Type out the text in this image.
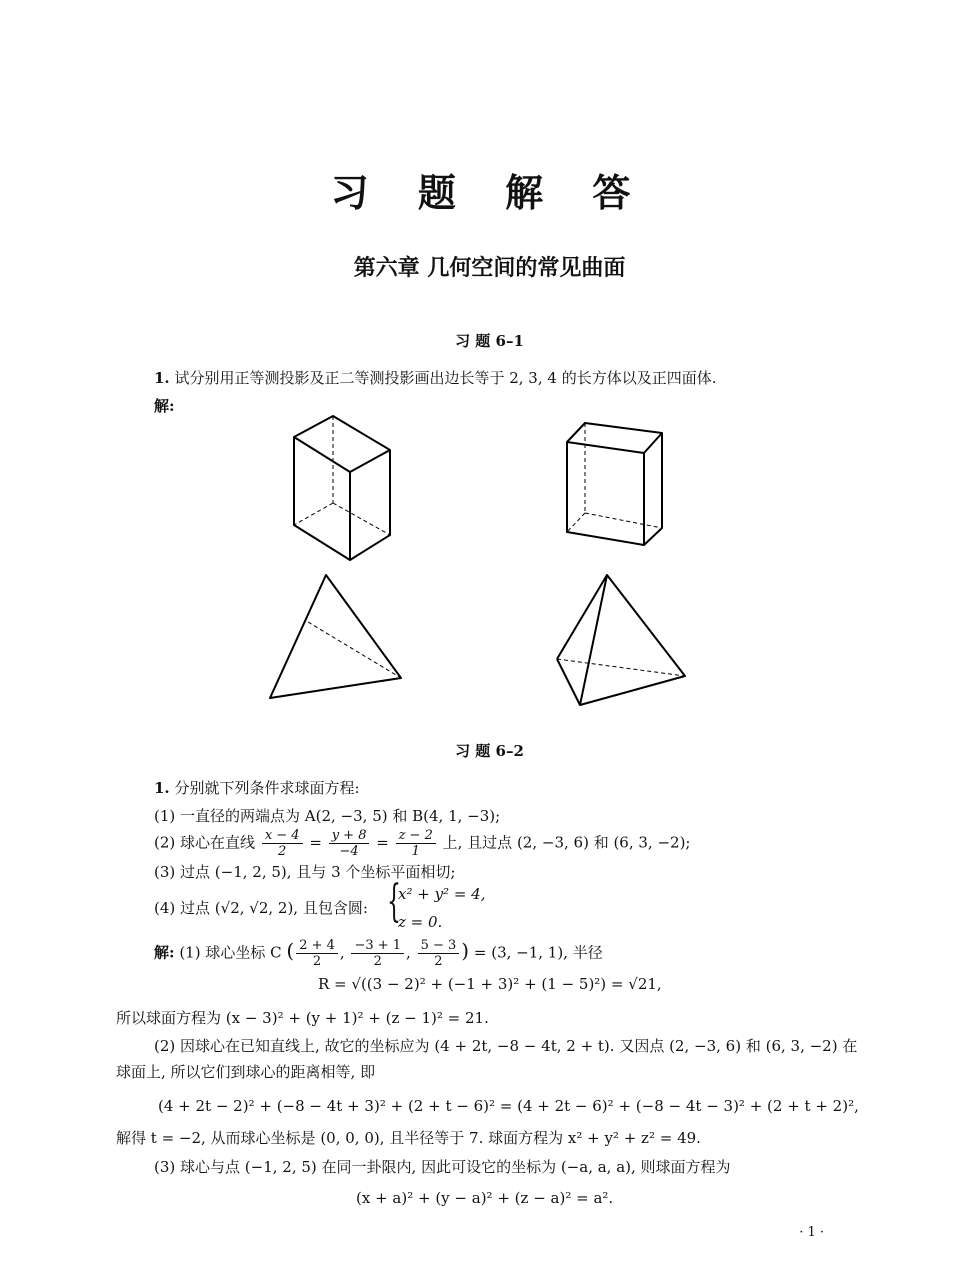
习 题 解 答
第六章 几何空间的常见曲面
习 题 6–1
1. 试分别用正等测投影及正二等测投影画出边长等于 2, 3, 4 的长方体以及正四面体.
解:
习 题 6–2
1. 分别就下列条件求球面方程:
(1) 一直径的两端点为 A(2, −3, 5) 和 B(4, 1, −3);
(2) 球心在直线 $\frac{x - 4}{2} = \frac{y + 8}{-4} = \frac{z - 2}{1}$ 上, 且过点 (2, −3, 6) 和 (6, 3, −2);
(3) 过点 (−1, 2, 5), 且与 3 个坐标平面相切;
(4) 过点 (√2, √2, 2), 且包含圆: {
x² + y² = 4,
z = 0.
解: (1) 球心坐标 C ( $\frac{2 + 4}{2}$ , $\frac{-3 + 1}{2}$ , $\frac{5 - 3}{2}$ ) = (3, −1, 1), 半径
R = √((3 − 2)² + (−1 + 3)² + (1 − 5)²) = √21,
所以球面方程为 (x − 3)² + (y + 1)² + (z − 1)² = 21.
(2) 因球心在已知直线上, 故它的坐标应为 (4 + 2t, −8 − 4t, 2 + t). 又因点 (2, −3, 6) 和 (6, 3, −2) 在
球面上, 所以它们到球心的距离相等, 即
(4 + 2t − 2)² + (−8 − 4t + 3)² + (2 + t − 6)² = (4 + 2t − 6)² + (−8 − 4t − 3)² + (2 + t + 2)²,
解得 t = −2, 从而球心坐标是 (0, 0, 0), 且半径等于 7. 球面方程为 x² + y² + z² = 49.
(3) 球心与点 (−1, 2, 5) 在同一卦限内, 因此可设它的坐标为 (−a, a, a), 则球面方程为
(x + a)² + (y − a)² + (z − a)² = a².
· 1 ·
